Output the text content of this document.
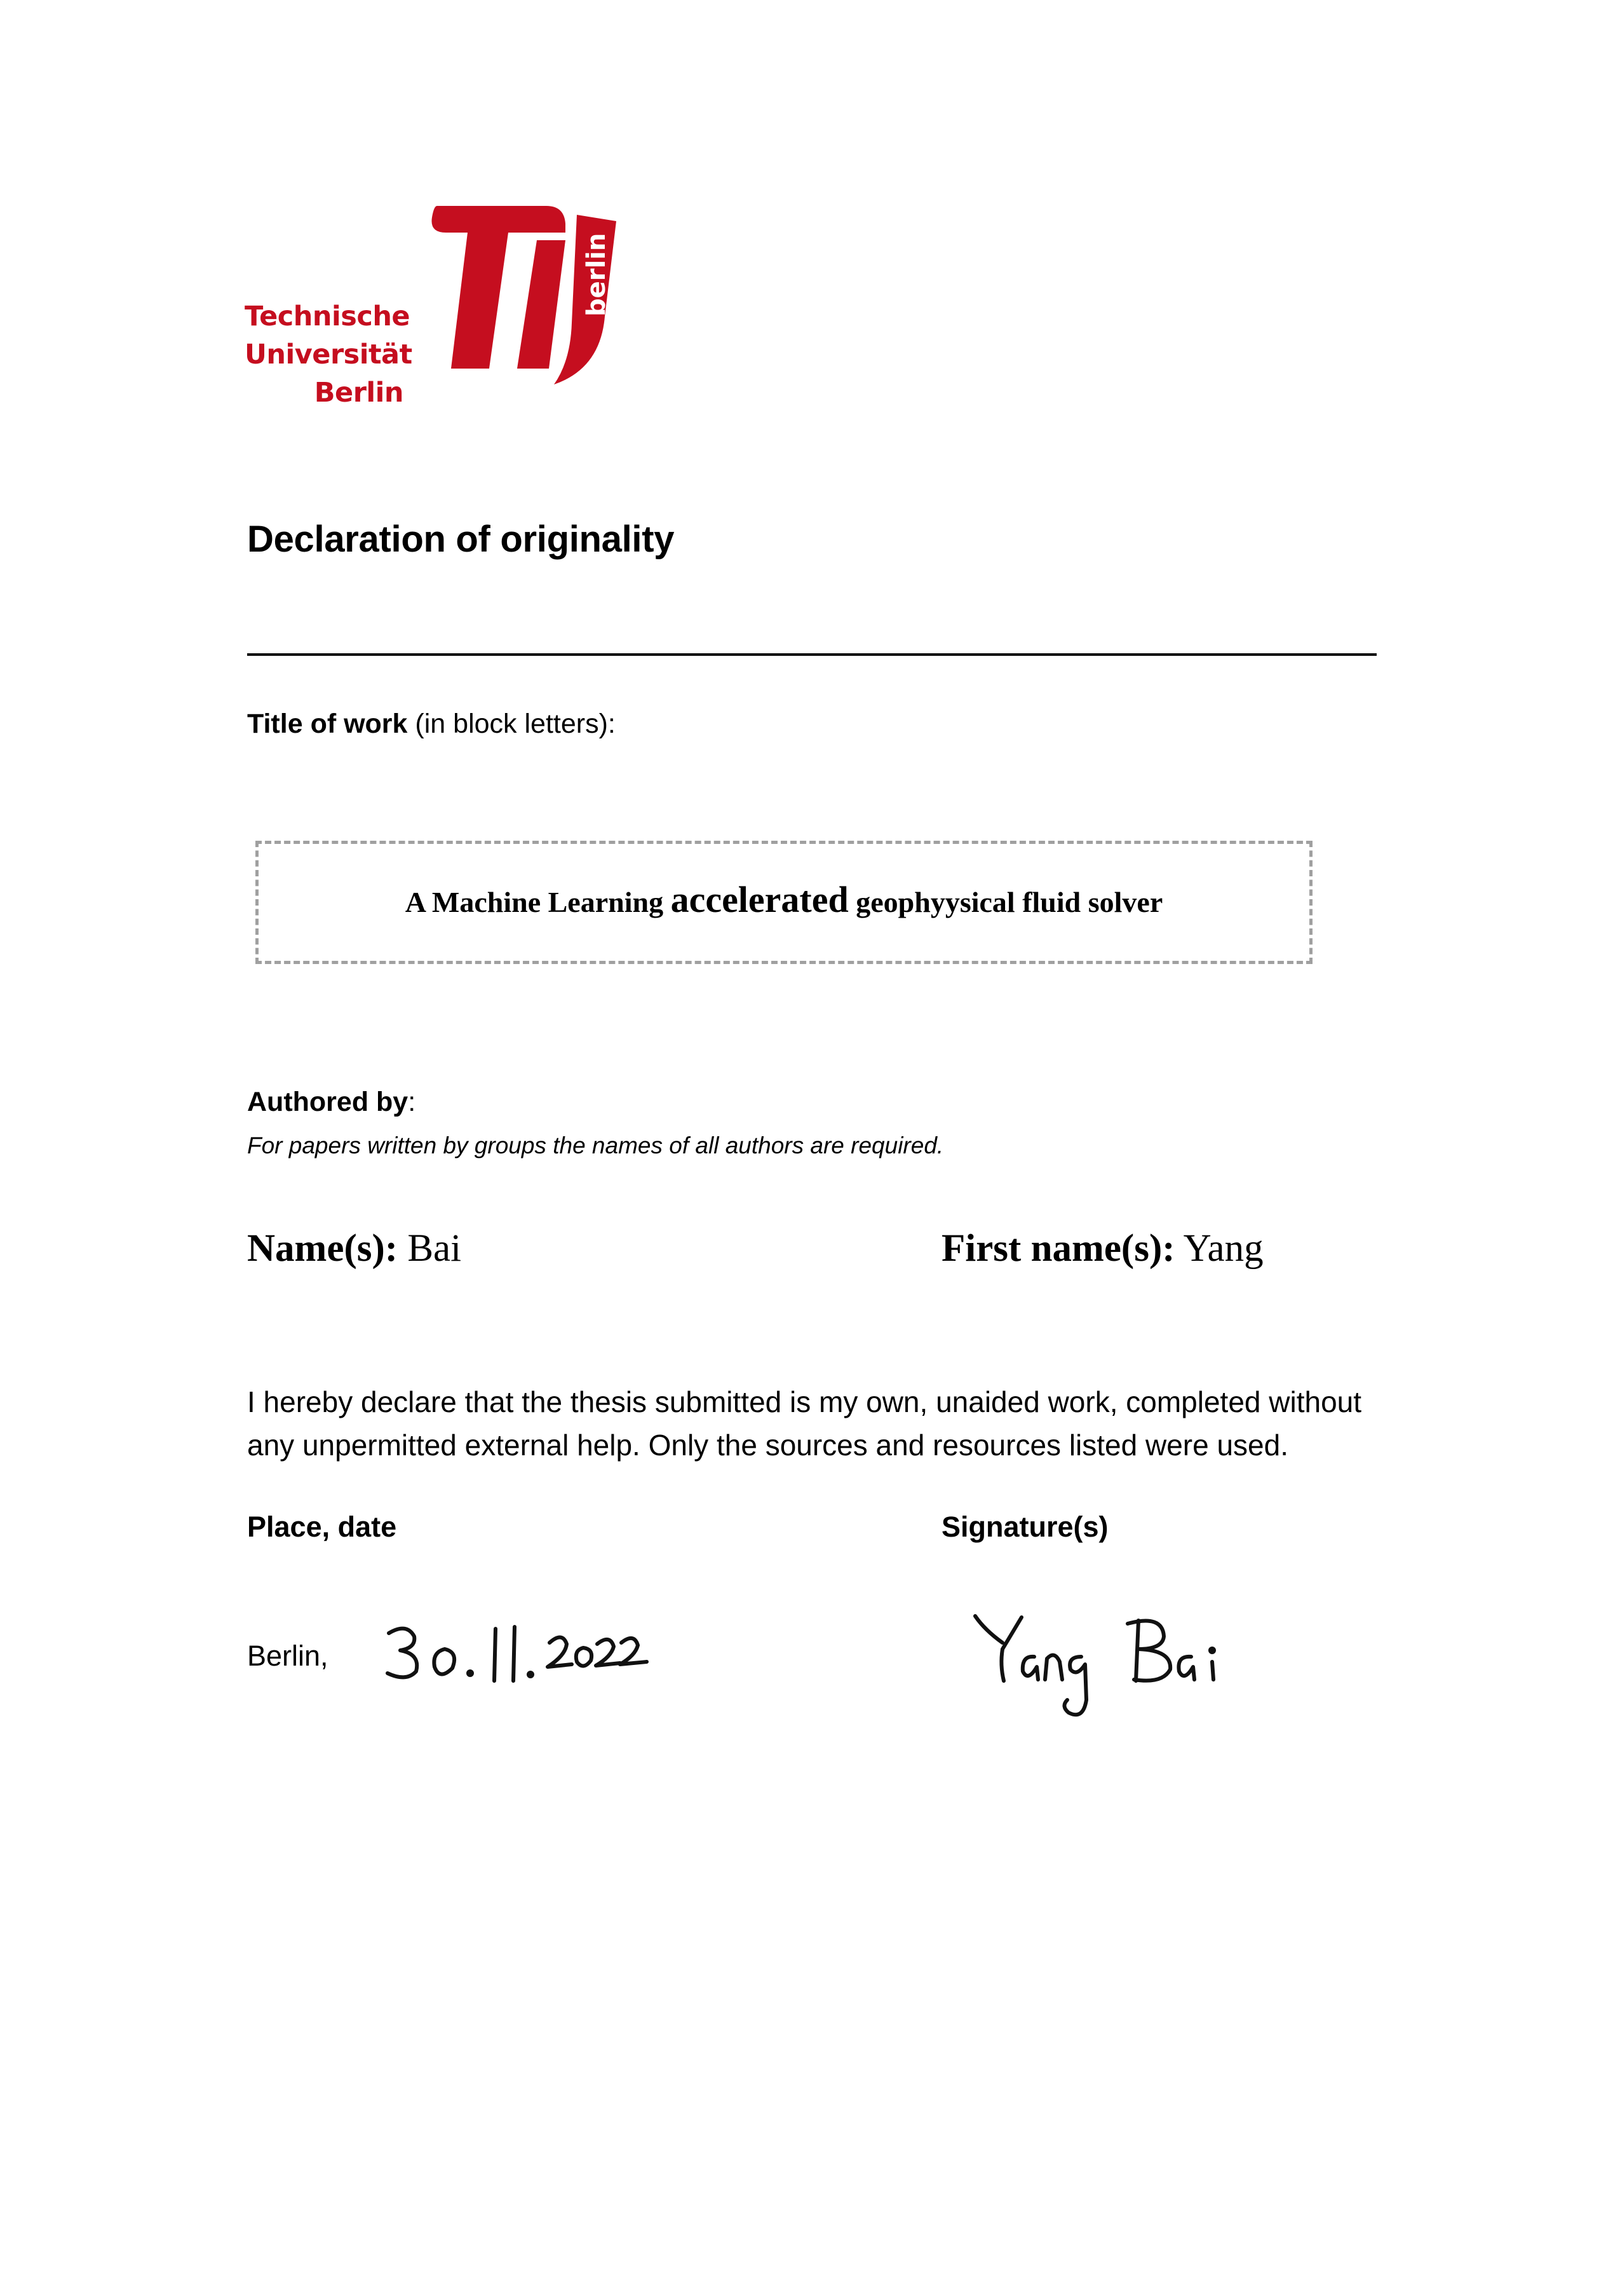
Technische
Universität
Berlin
berlin
Declaration of originality
Title of work (in block letters):
A Machine Learning accelerated geophyysical fluid solver
Authored by:
For papers written by groups the names of all authors are required.
Name(s): Bai	First name(s): Yang
I hereby declare that the thesis submitted is my own, unaided work, completed without any unpermitted external help. Only the sources and resources listed were used.
Place, date	Signature(s)
Berlin,
